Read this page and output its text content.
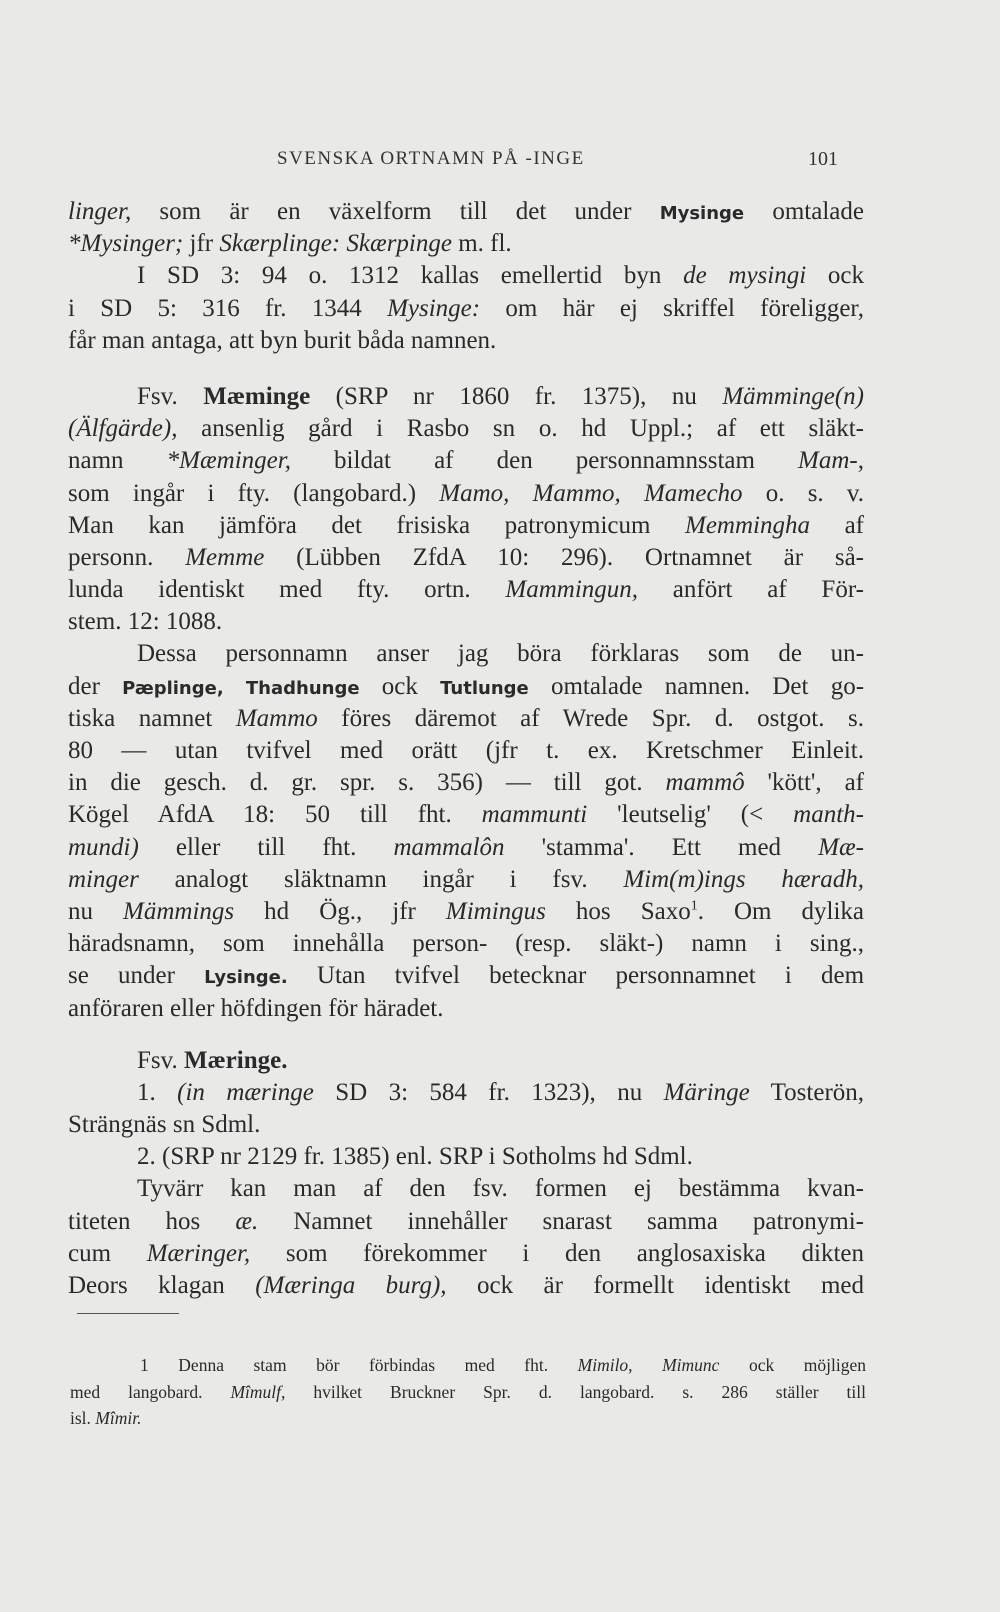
SVENSKA ORTNAMN PÅ -INGE	101
linger, som är en växelform till det under Mysinge omtalade
*Mysinger; jfr Skærplinge: Skærpinge m. fl.
I SD 3: 94 o. 1312 kallas emellertid byn de mysingi ock
i SD 5: 316 fr. 1344 Mysinge: om här ej skriffel föreligger,
får man antaga, att byn burit båda namnen.
Fsv. Mæminge (SRP nr 1860 fr. 1375), nu Mämminge(n)
(Älfgärde), ansenlig gård i Rasbo sn o. hd Uppl.; af ett släkt-
namn *Mæminger, bildat af den personnamnsstam Mam-,
som ingår i fty. (langobard.) Mamo, Mammo, Mamecho o. s. v.
Man kan jämföra det frisiska patronymicum Memmingha af
personn. Memme (Lübben ZfdA 10: 296). Ortnamnet är så-
lunda identiskt med fty. ortn. Mammingun, anfört af För-
stem. 12: 1088.
Dessa personnamn anser jag böra förklaras som de un-
der Pæplinge, Thadhunge ock Tutlunge omtalade namnen. Det go-
tiska namnet Mammo föres däremot af Wrede Spr. d. ostgot. s.
80 — utan tvifvel med orätt (jfr t. ex. Kretschmer Einleit.
in die gesch. d. gr. spr. s. 356) — till got. mammô 'kött', af
Kögel AfdA 18: 50 till fht. mammunti 'leutselig' (< manth-
mundi) eller till fht. mammalôn 'stamma'. Ett med Mæ-
minger analogt släktnamn ingår i fsv. Mim(m)ings hæradh,
nu Mämmings hd Ög., jfr Mimingus hos Saxo$^1$. Om dylika
häradsnamn, som innehålla person- (resp. släkt-) namn i sing.,
se under Lysinge. Utan tvifvel betecknar personnamnet i dem
anföraren eller höfdingen för häradet.
Fsv. Mæringe.
1. (in mæringe SD 3: 584 fr. 1323), nu Märinge Tosterön,
Strängnäs sn Sdml.
2. (SRP nr 2129 fr. 1385) enl. SRP i Sotholms hd Sdml.
Tyvärr kan man af den fsv. formen ej bestämma kvan-
titeten hos æ. Namnet innehåller snarast samma patronymi-
cum Mæringer, som förekommer i den anglosaxiska dikten
Deors klagan (Mæringa burg), ock är formellt identiskt med
1 Denna stam bör förbindas med fht. Mimilo, Mimunc ock möjligen
med langobard. Mîmulf, hvilket Bruckner Spr. d. langobard. s. 286 ställer till
isl. Mîmir.
